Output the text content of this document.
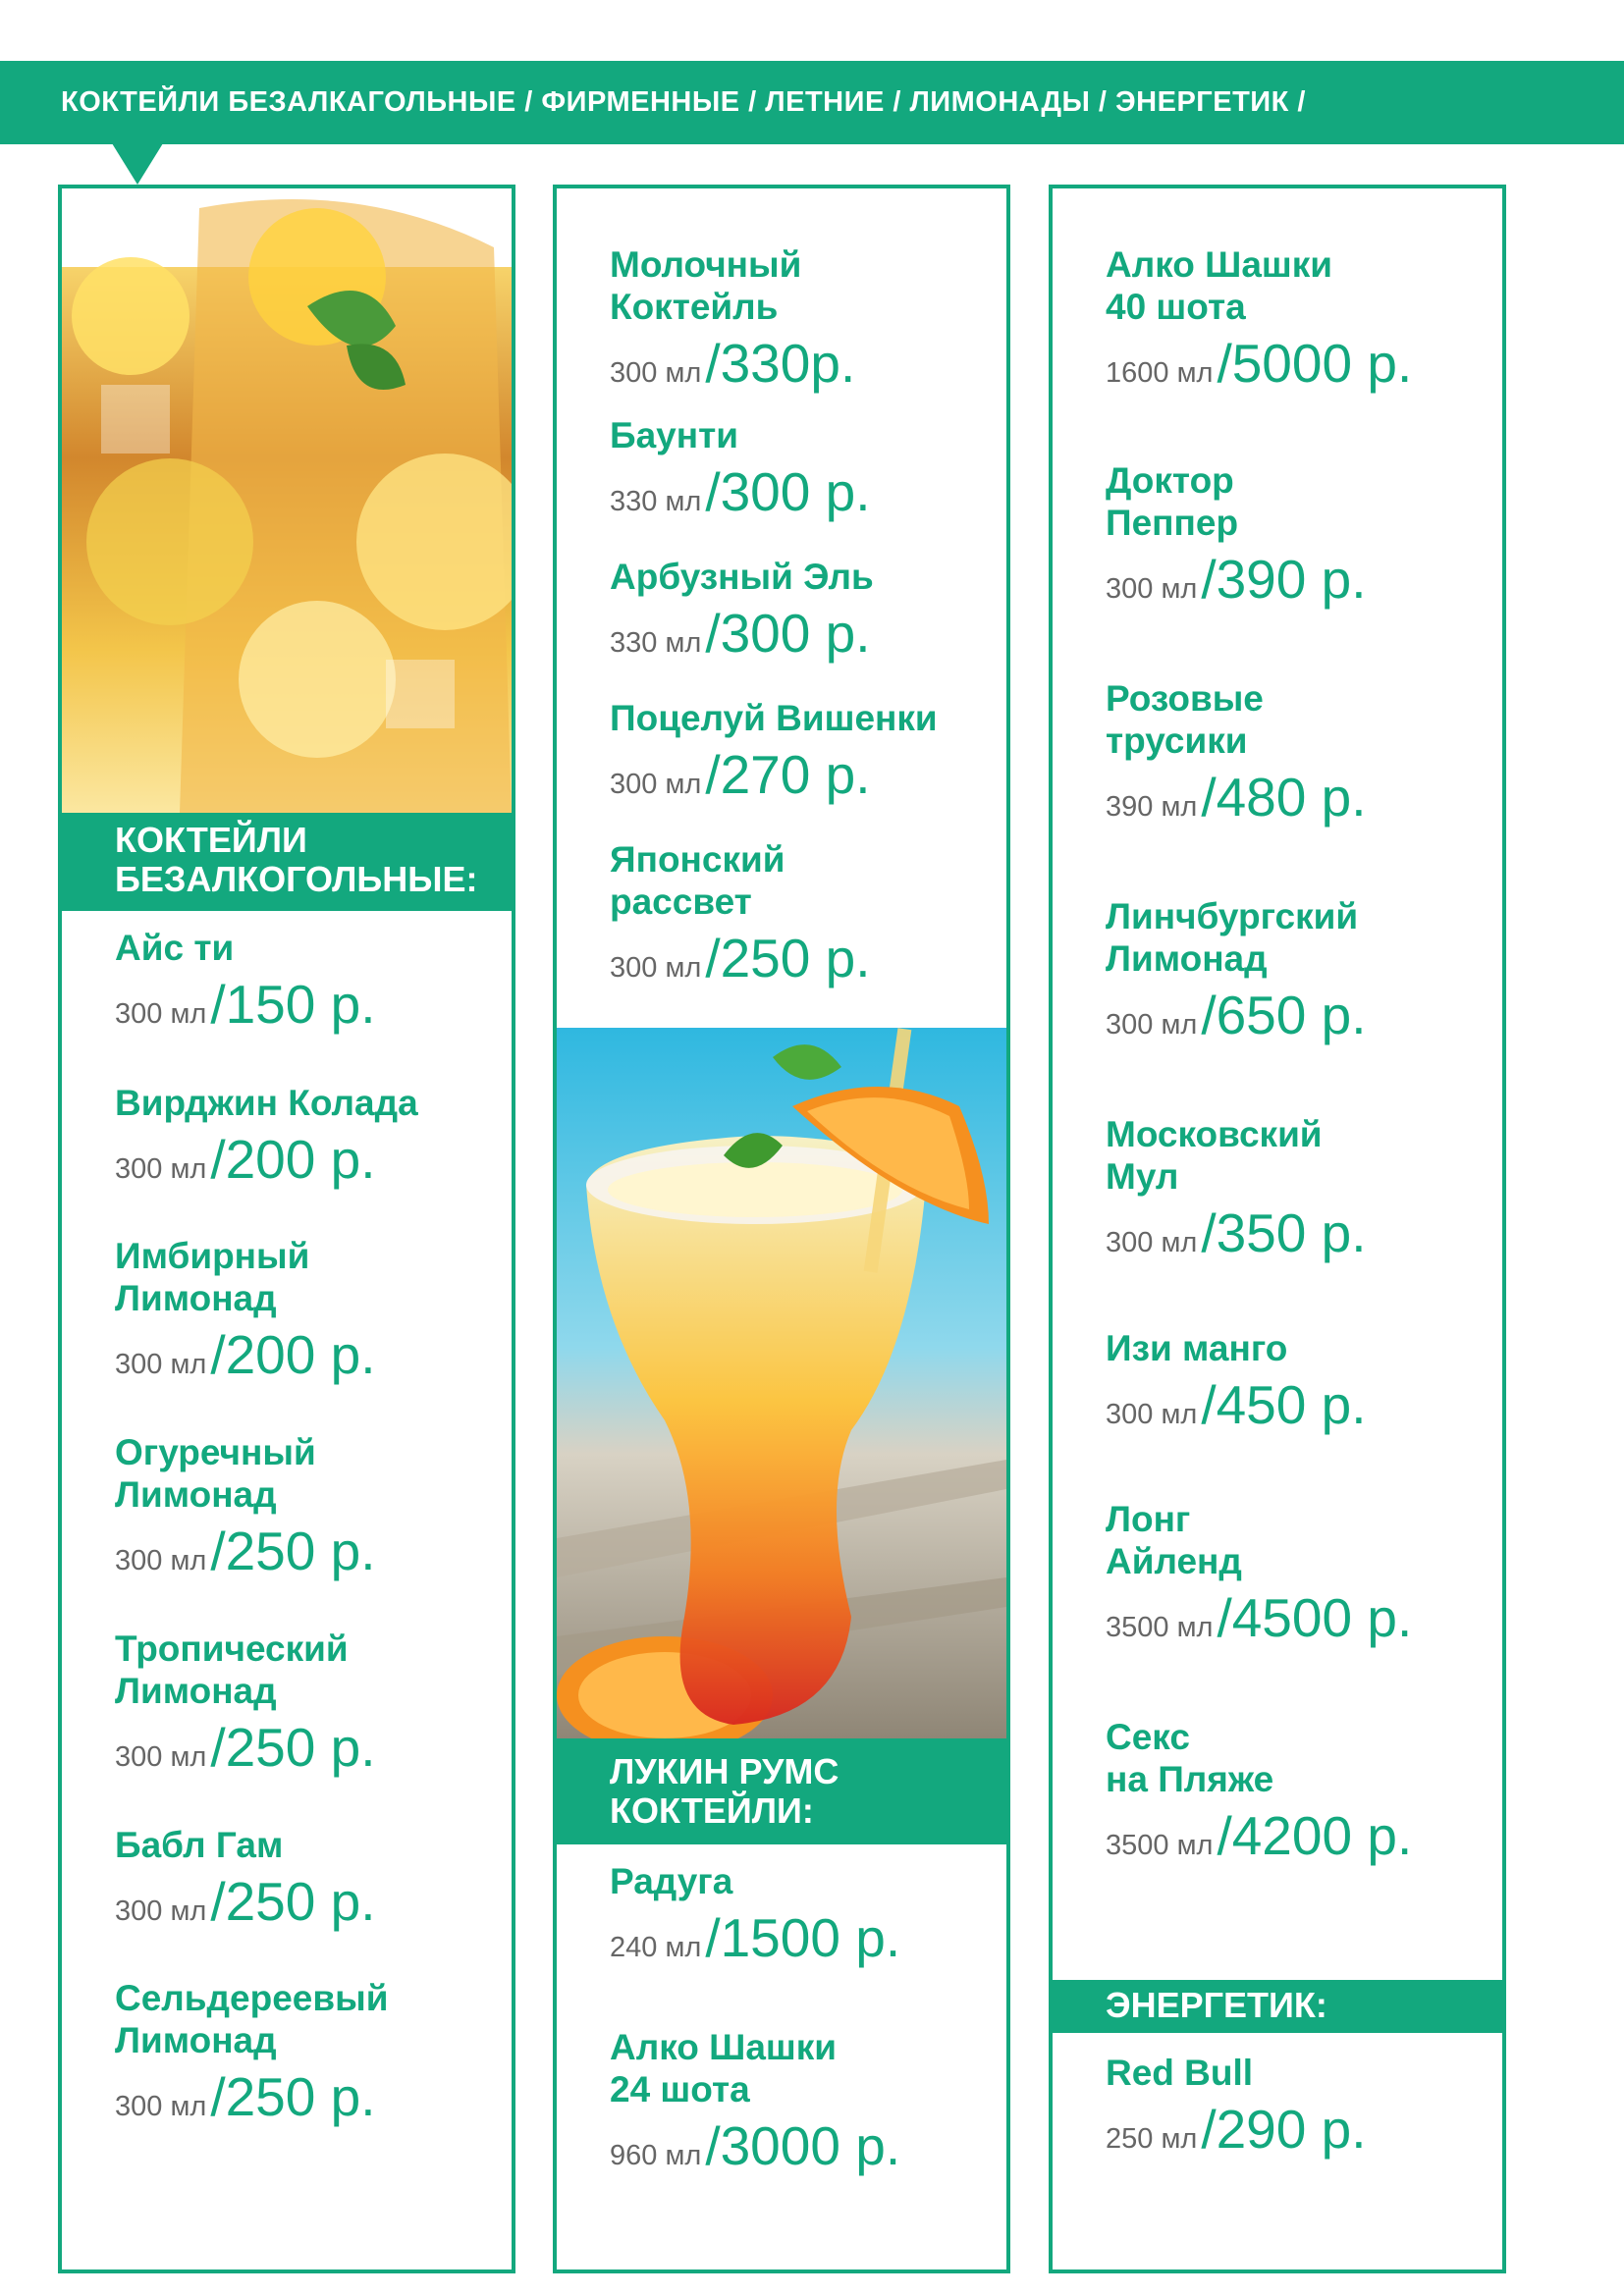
КОКТЕЙЛИ БЕЗАЛКАГОЛЬНЫЕ / ФИРМЕННЫЕ / ЛЕТНИЕ / ЛИМОНАДЫ / ЭНЕРГЕТИК /
КОКТЕЙЛИ
БЕЗАЛКОГОЛЬНЫЕ:
Айс ти
300 мл /150 р.
Вирджин Колада
300 мл /200 р.
Имбирный
Лимонад
300 мл /200 р.
Огуречный
Лимонад
300 мл /250 р.
Тропический
Лимонад
300 мл /250 р.
Бабл Гам
300 мл /250 р.
Сельдереевый
Лимонад
300 мл /250 р.
Молочный
Коктейль
300 мл /330р.
Баунти
330 мл /300 р.
Арбузный Эль
330 мл /300 р.
Поцелуй Вишенки
300 мл /270 р.
Японский
рассвет
300 мл /250 р.
ЛУКИН РУМС
КОКТЕЙЛИ:
Радуга
240 мл /1500 р.
Алко Шашки
24 шота
960 мл /3000 р.
Алко Шашки
40 шота
1600 мл /5000 р.
Доктор
Пеппер
300 мл /390 р.
Розовые
трусики
390 мл /480 р.
Линчбургский
Лимонад
300 мл /650 р.
Московский
Мул
300 мл /350 р.
Изи манго
300 мл /450 р.
Лонг
Айленд
3500 мл /4500 р.
Секс
на Пляже
3500 мл /4200 р.
ЭНЕРГЕТИК:
Red Bull
250 мл /290 р.
